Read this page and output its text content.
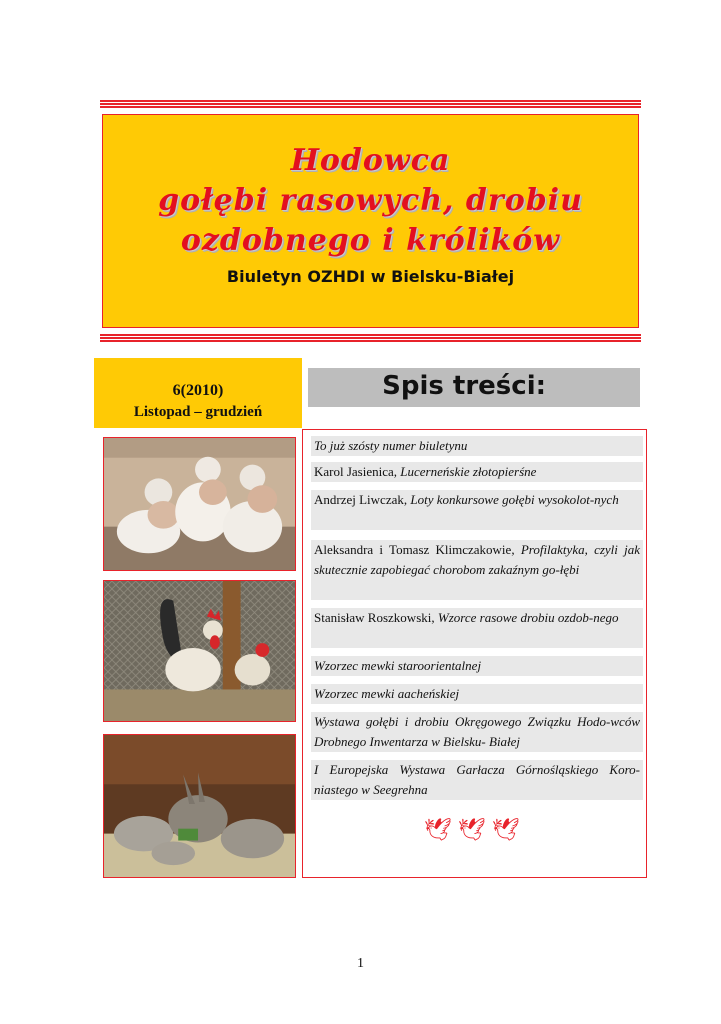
Hodowca
gołębi rasowych, drobiu
ozdobnego i królików
Biuletyn OZHDI w Bielsku-Białej
6(2010)
Listopad – grudzień
Spis treści:
To już szósty numer biuletynu
Karol Jasienica, Lucerneńskie złotopierśne
Andrzej Liwczak, Loty konkursowe gołębi wysokolot-nych
Aleksandra i Tomasz Klimczakowie, Profilaktyka, czyli jak skutecznie zapobiegać chorobom zakaźnym go-łębi
Stanisław Roszkowski, Wzorce rasowe drobiu ozdob-nego
Wzorzec mewki staroorientalnej
Wzorzec mewki aacheńskiej
Wystawa gołębi i drobiu Okręgowego Związku Hodo-wców Drobnego Inwentarza w Bielsku- Białej
I Europejska Wystawa Garłacza Górnośląskiego Koro-niastego w Seegrehna
🕊🕊🕊
1
